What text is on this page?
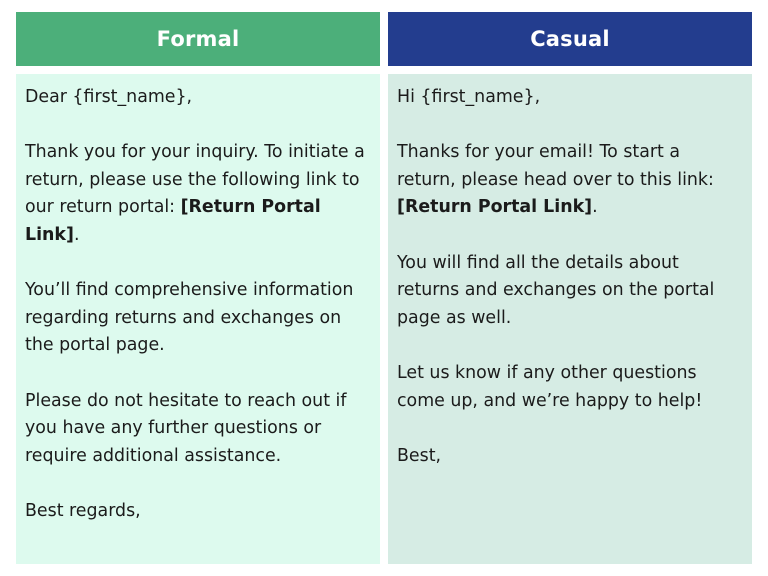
Formal	Casual

Dear {first_name},

Thank you for your inquiry. To initiate a return, please use the following link to our return portal: [Return Portal Link].

You’ll find comprehensive information regarding returns and exchanges on the portal page.

Please do not hesitate to reach out if you have any further questions or require additional assistance.

Best regards,

Hi {first_name},

Thanks for your email! To start a return, please head over to this link: [Return Portal Link].

You will find all the details about returns and exchanges on the portal page as well.

Let us know if any other questions come up, and we’re happy to help!

Best,
